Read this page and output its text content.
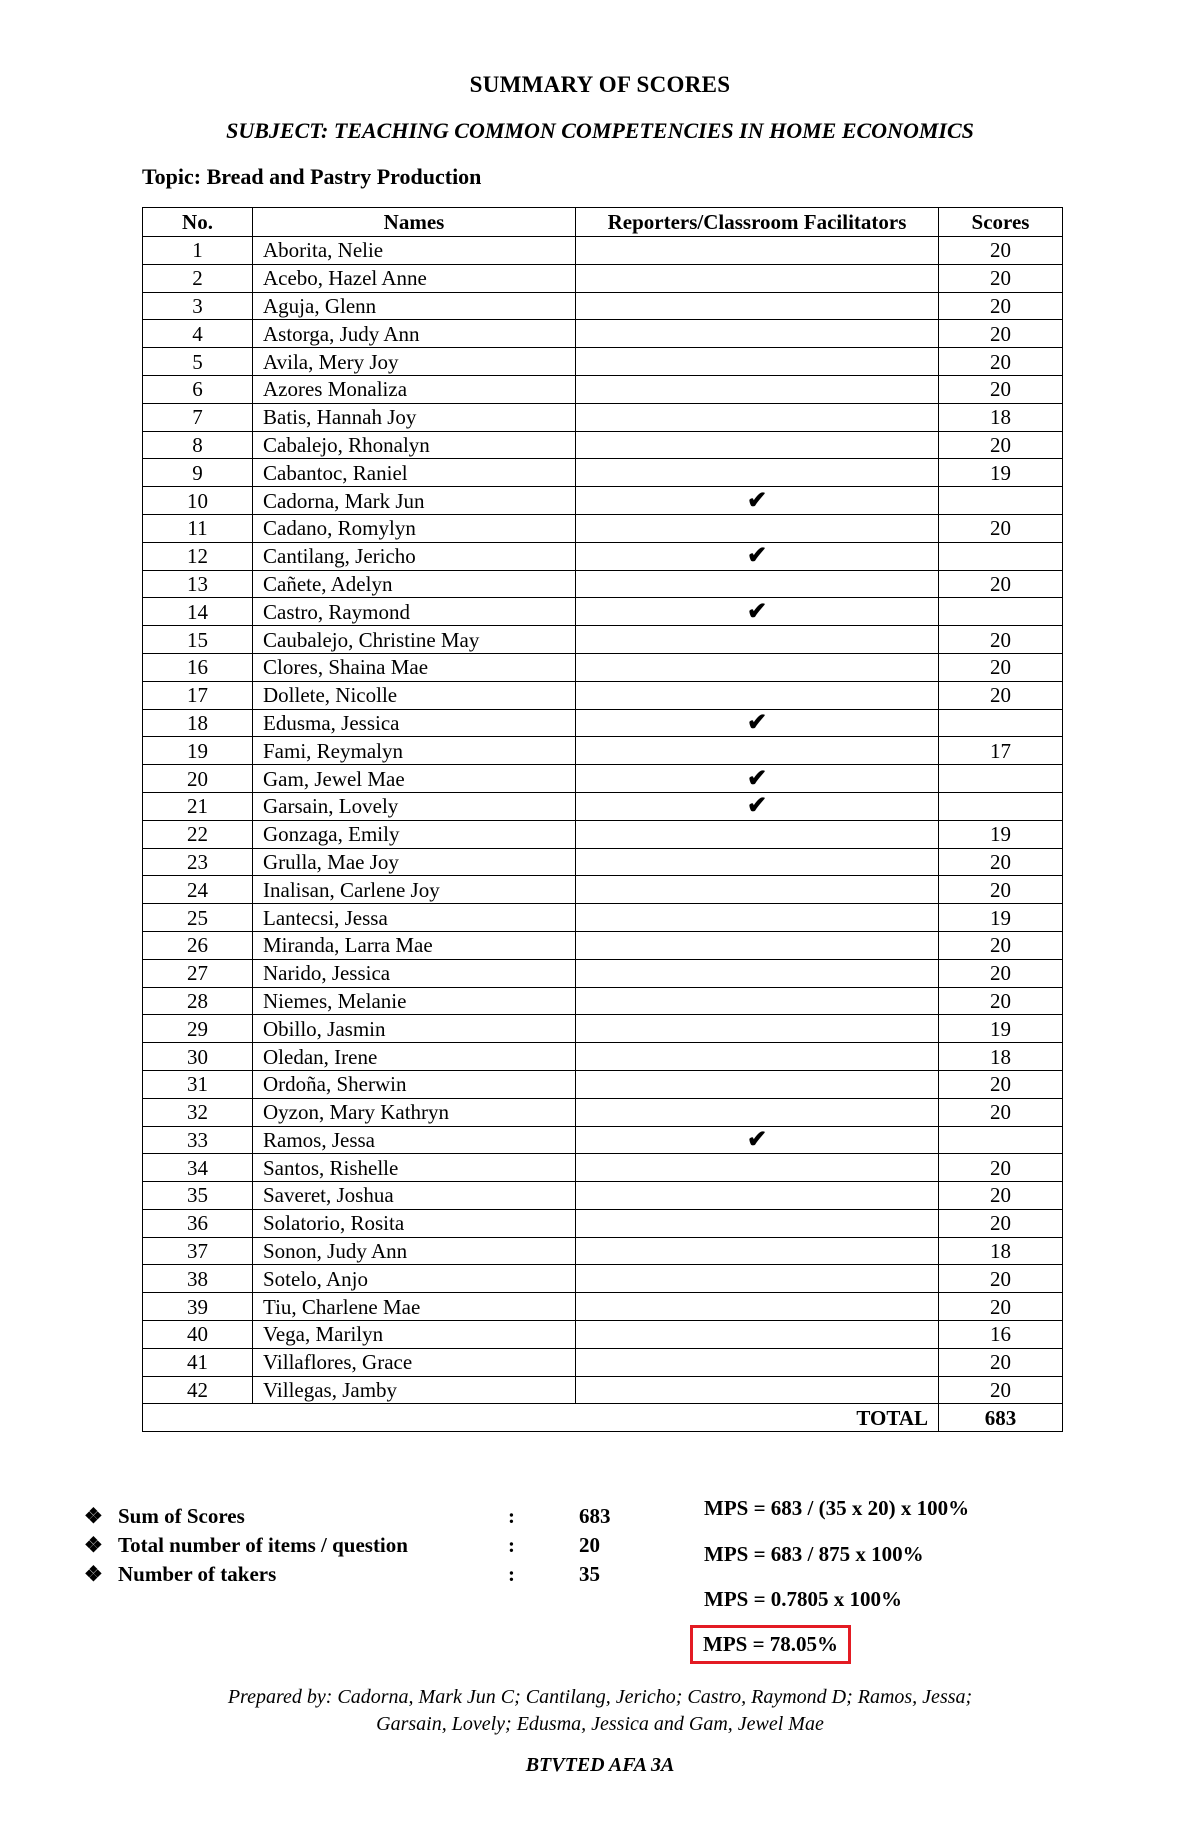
SUMMARY OF SCORES
SUBJECT: TEACHING COMMON COMPETENCIES IN HOME ECONOMICS
Topic: Bread and Pastry Production
No.	Names	Reporters/Classroom Facilitators	Scores
1	Aborita, Nelie		20
2	Acebo, Hazel Anne		20
3	Aguja, Glenn		20
4	Astorga, Judy Ann		20
5	Avila, Mery Joy		20
6	Azores Monaliza		20
7	Batis, Hannah Joy		18
8	Cabalejo, Rhonalyn		20
9	Cabantoc, Raniel		19
10	Cadorna, Mark Jun	✔	
11	Cadano, Romylyn		20
12	Cantilang, Jericho	✔	
13	Cañete, Adelyn		20
14	Castro, Raymond	✔	
15	Caubalejo, Christine May		20
16	Clores, Shaina Mae		20
17	Dollete, Nicolle		20
18	Edusma, Jessica	✔	
19	Fami, Reymalyn		17
20	Gam, Jewel Mae	✔	
21	Garsain, Lovely	✔	
22	Gonzaga, Emily		19
23	Grulla, Mae Joy		20
24	Inalisan, Carlene Joy		20
25	Lantecsi, Jessa		19
26	Miranda, Larra Mae		20
27	Narido, Jessica		20
28	Niemes, Melanie		20
29	Obillo, Jasmin		19
30	Oledan, Irene		18
31	Ordoña, Sherwin		20
32	Oyzon, Mary Kathryn		20
33	Ramos, Jessa	✔	
34	Santos, Rishelle		20
35	Saveret, Joshua		20
36	Solatorio, Rosita		20
37	Sonon, Judy Ann		18
38	Sotelo, Anjo		20
39	Tiu, Charlene Mae		20
40	Vega, Marilyn		16
41	Villaflores, Grace		20
42	Villegas, Jamby		20
TOTAL			683
❖ Sum of Scores	:	683
❖ Total number of items / question	:	20
❖ Number of takers	:	35
MPS = 683 / (35 x 20) x 100%
MPS = 683 / 875 x 100%
MPS = 0.7805 x 100%
MPS = 78.05%
Prepared by: Cadorna, Mark Jun C; Cantilang, Jericho; Castro, Raymond D; Ramos, Jessa;
Garsain, Lovely; Edusma, Jessica and Gam, Jewel Mae
BTVTED AFA 3A
